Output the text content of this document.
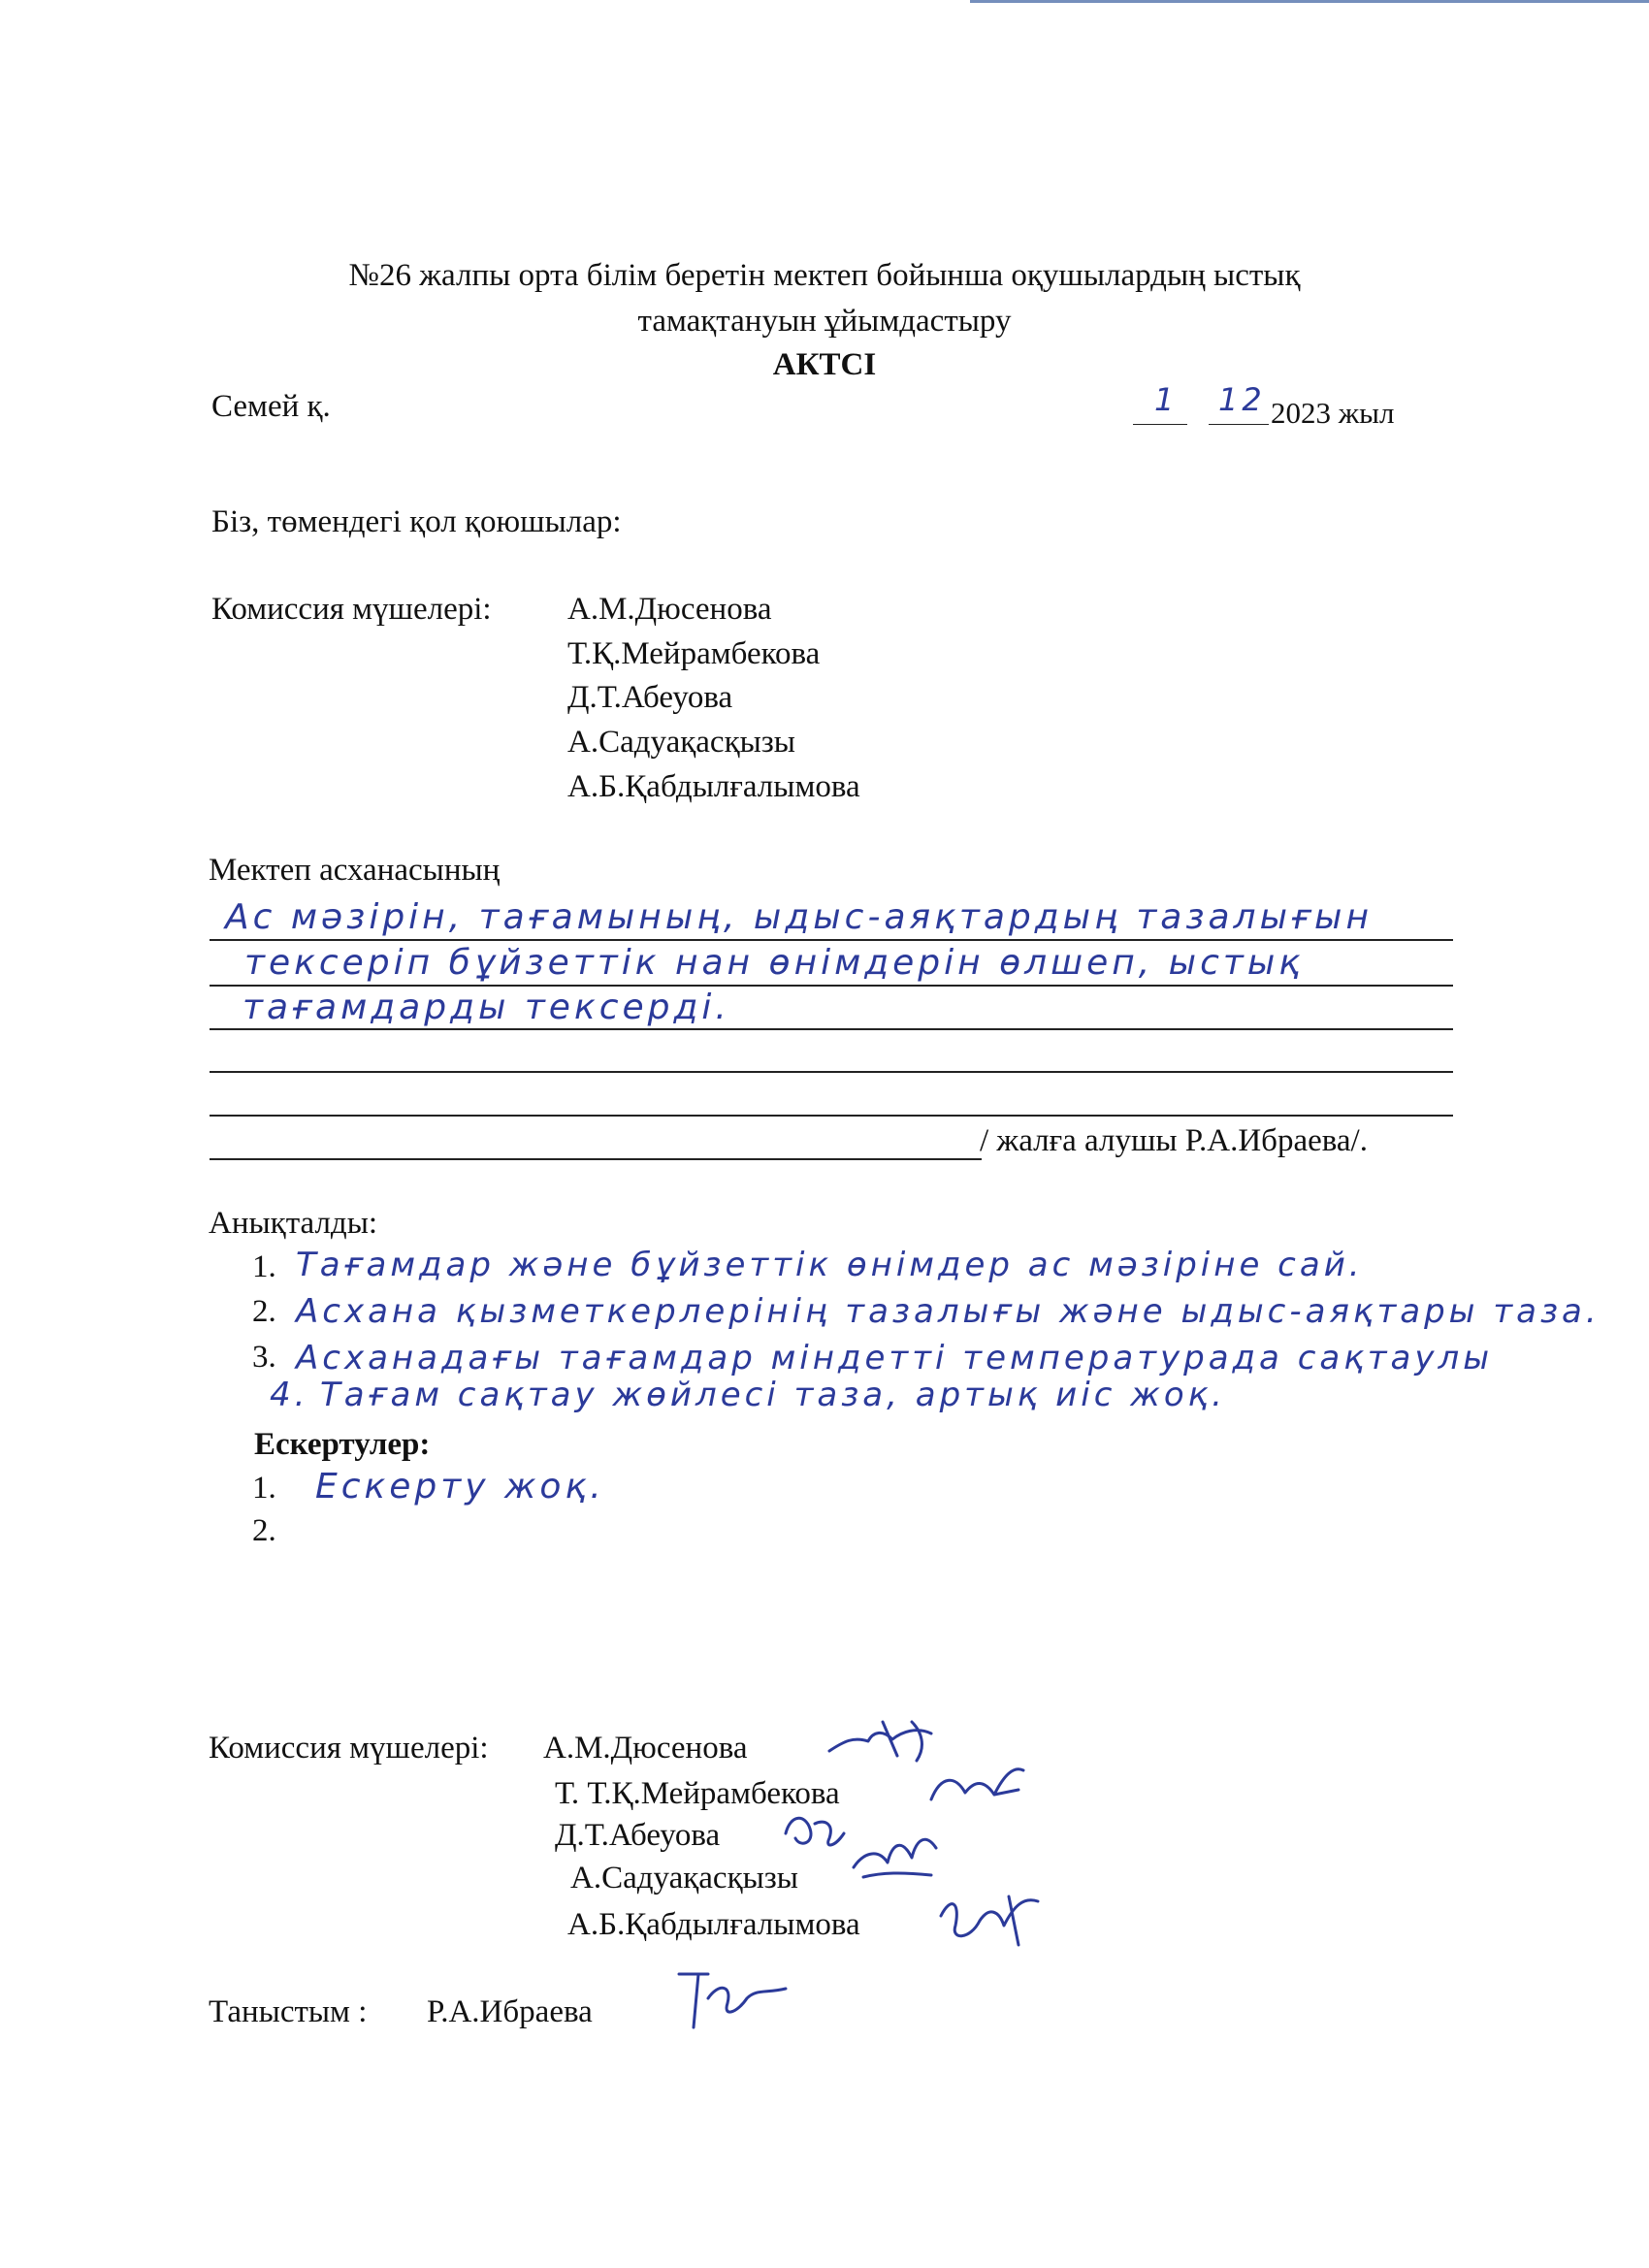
№26 жалпы орта білім беретін мектеп бойынша оқушылардың ыстық
тамақтануын ұйымдастыру
АКТСІ
Семей қ.	1 12 2023 жыл
Біз, төмендегі қол қоюшылар:
Комиссия мүшелері: А.М.Дюсенова
Т.Қ.Мейрамбекова
Д.Т.Абеуова
А.Садуақасқызы
А.Б.Қабдылғалымова
Мектеп асханасының
Ас мәзірін, тағамының, ыдыс-аяқтардың тазалығын
тексеріп бұйзеттік нан өнімдерін өлшеп, ыстық
тағамдарды тексерді.
/ жалға алушы Р.А.Ибраева/.
Анықталды:
1. Тағамдар және бұйзеттік өнімдер ас мәзіріне сай.
2. Асхана қызметкерлерінің тазалығы және ыдыс-аяқтары таза.
3. Асханадағы тағамдар міндетті температурада сақтаулы
4. Тағам сақтау жөйлесі таза, артық иіс жоқ.
Ескертулер:
1. Ескерту жоқ.
2.
Комиссия мүшелері: А.М.Дюсенова
Т. Т.Қ.Мейрамбекова
Д.Т.Абеуова
А.Садуақасқызы
А.Б.Қабдылғалымова
Таныстым : Р.А.Ибраева
